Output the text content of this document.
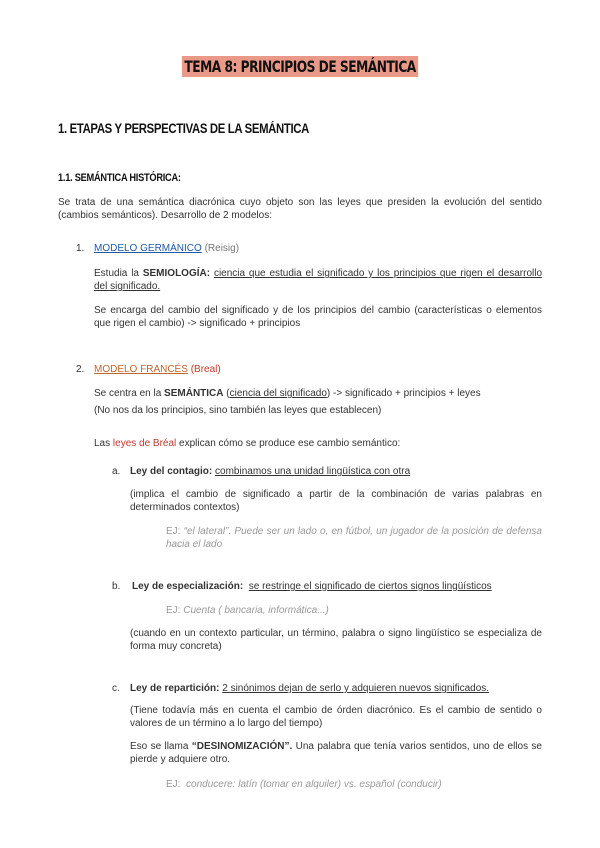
TEMA 8: PRINCIPIOS DE SEMÁNTICA
1. ETAPAS Y PERSPECTIVAS DE LA SEMÁNTICA
1.1. SEMÁNTICA HISTÓRICA:

Se trata de una semántica diacrónica cuyo objeto son las leyes que presiden la evolución del sentido (cambios semánticos). Desarrollo de 2 modelos:

1. MODELO GERMÁNICO (Reisig)

Estudia la SEMIOLOGÍA: ciencia que estudia el significado y los principios que rigen el desarrollo del significado.

Se encarga del cambio del significado y de los principios del cambio (características o elementos que rigen el cambio) -> significado + principios

2. MODELO FRANCÉS (Breal)

Se centra en la SEMÁNTICA (ciencia del significado) -> significado + principios + leyes

(No nos da los principios, sino también las leyes que establecen)

Las leyes de Bréal explican cómo se produce ese cambio semántico:

a. Ley del contagio: combinamos una unidad lingüística con otra

(implica el cambio de significado a partir de la combinación de varias palabras en determinados contextos)

EJ: “el lateral”. Puede ser un lado o, en fútbol, un jugador de la posición de defensa hacia el lado

b. Ley de especialización: se restringe el significado de ciertos signos lingüísticos

EJ: Cuenta ( bancaria, informática...)

(cuando en un contexto particular, un término, palabra o signo lingüístico se especializa de forma muy concreta)

c. Ley de repartición: 2 sinónimos dejan de serlo y adquieren nuevos significados.

(Tiene todavía más en cuenta el cambio de órden diacrónico. Es el cambio de sentido o valores de un término a lo largo del tiempo)

Eso se llama “DESINOMIZACIÓN”. Una palabra que tenía varios sentidos, uno de ellos se pierde y adquiere otro.

EJ: conducere: latín (tomar en alquiler) vs. español (conducir)
